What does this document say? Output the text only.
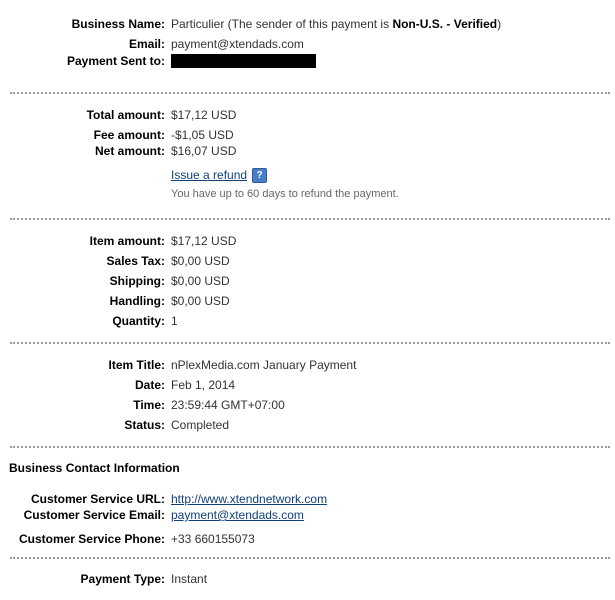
Business Name: Particulier (The sender of this payment is Non-U.S. - Verified)
Email: payment@xtendads.com
Payment Sent to:
Total amount: $17,12 USD
Fee amount: -$1,05 USD
Net amount: $16,07 USD
Issue a refund ?
You have up to 60 days to refund the payment.
Item amount: $17,12 USD
Sales Tax: $0,00 USD
Shipping: $0,00 USD
Handling: $0,00 USD
Quantity: 1
Item Title: nPlexMedia.com January Payment
Date: Feb 1, 2014
Time: 23:59:44 GMT+07:00
Status: Completed
Business Contact Information
Customer Service URL: http://www.xtendnetwork.com
Customer Service Email: payment@xtendads.com
Customer Service Phone: +33 660155073
Payment Type: Instant
